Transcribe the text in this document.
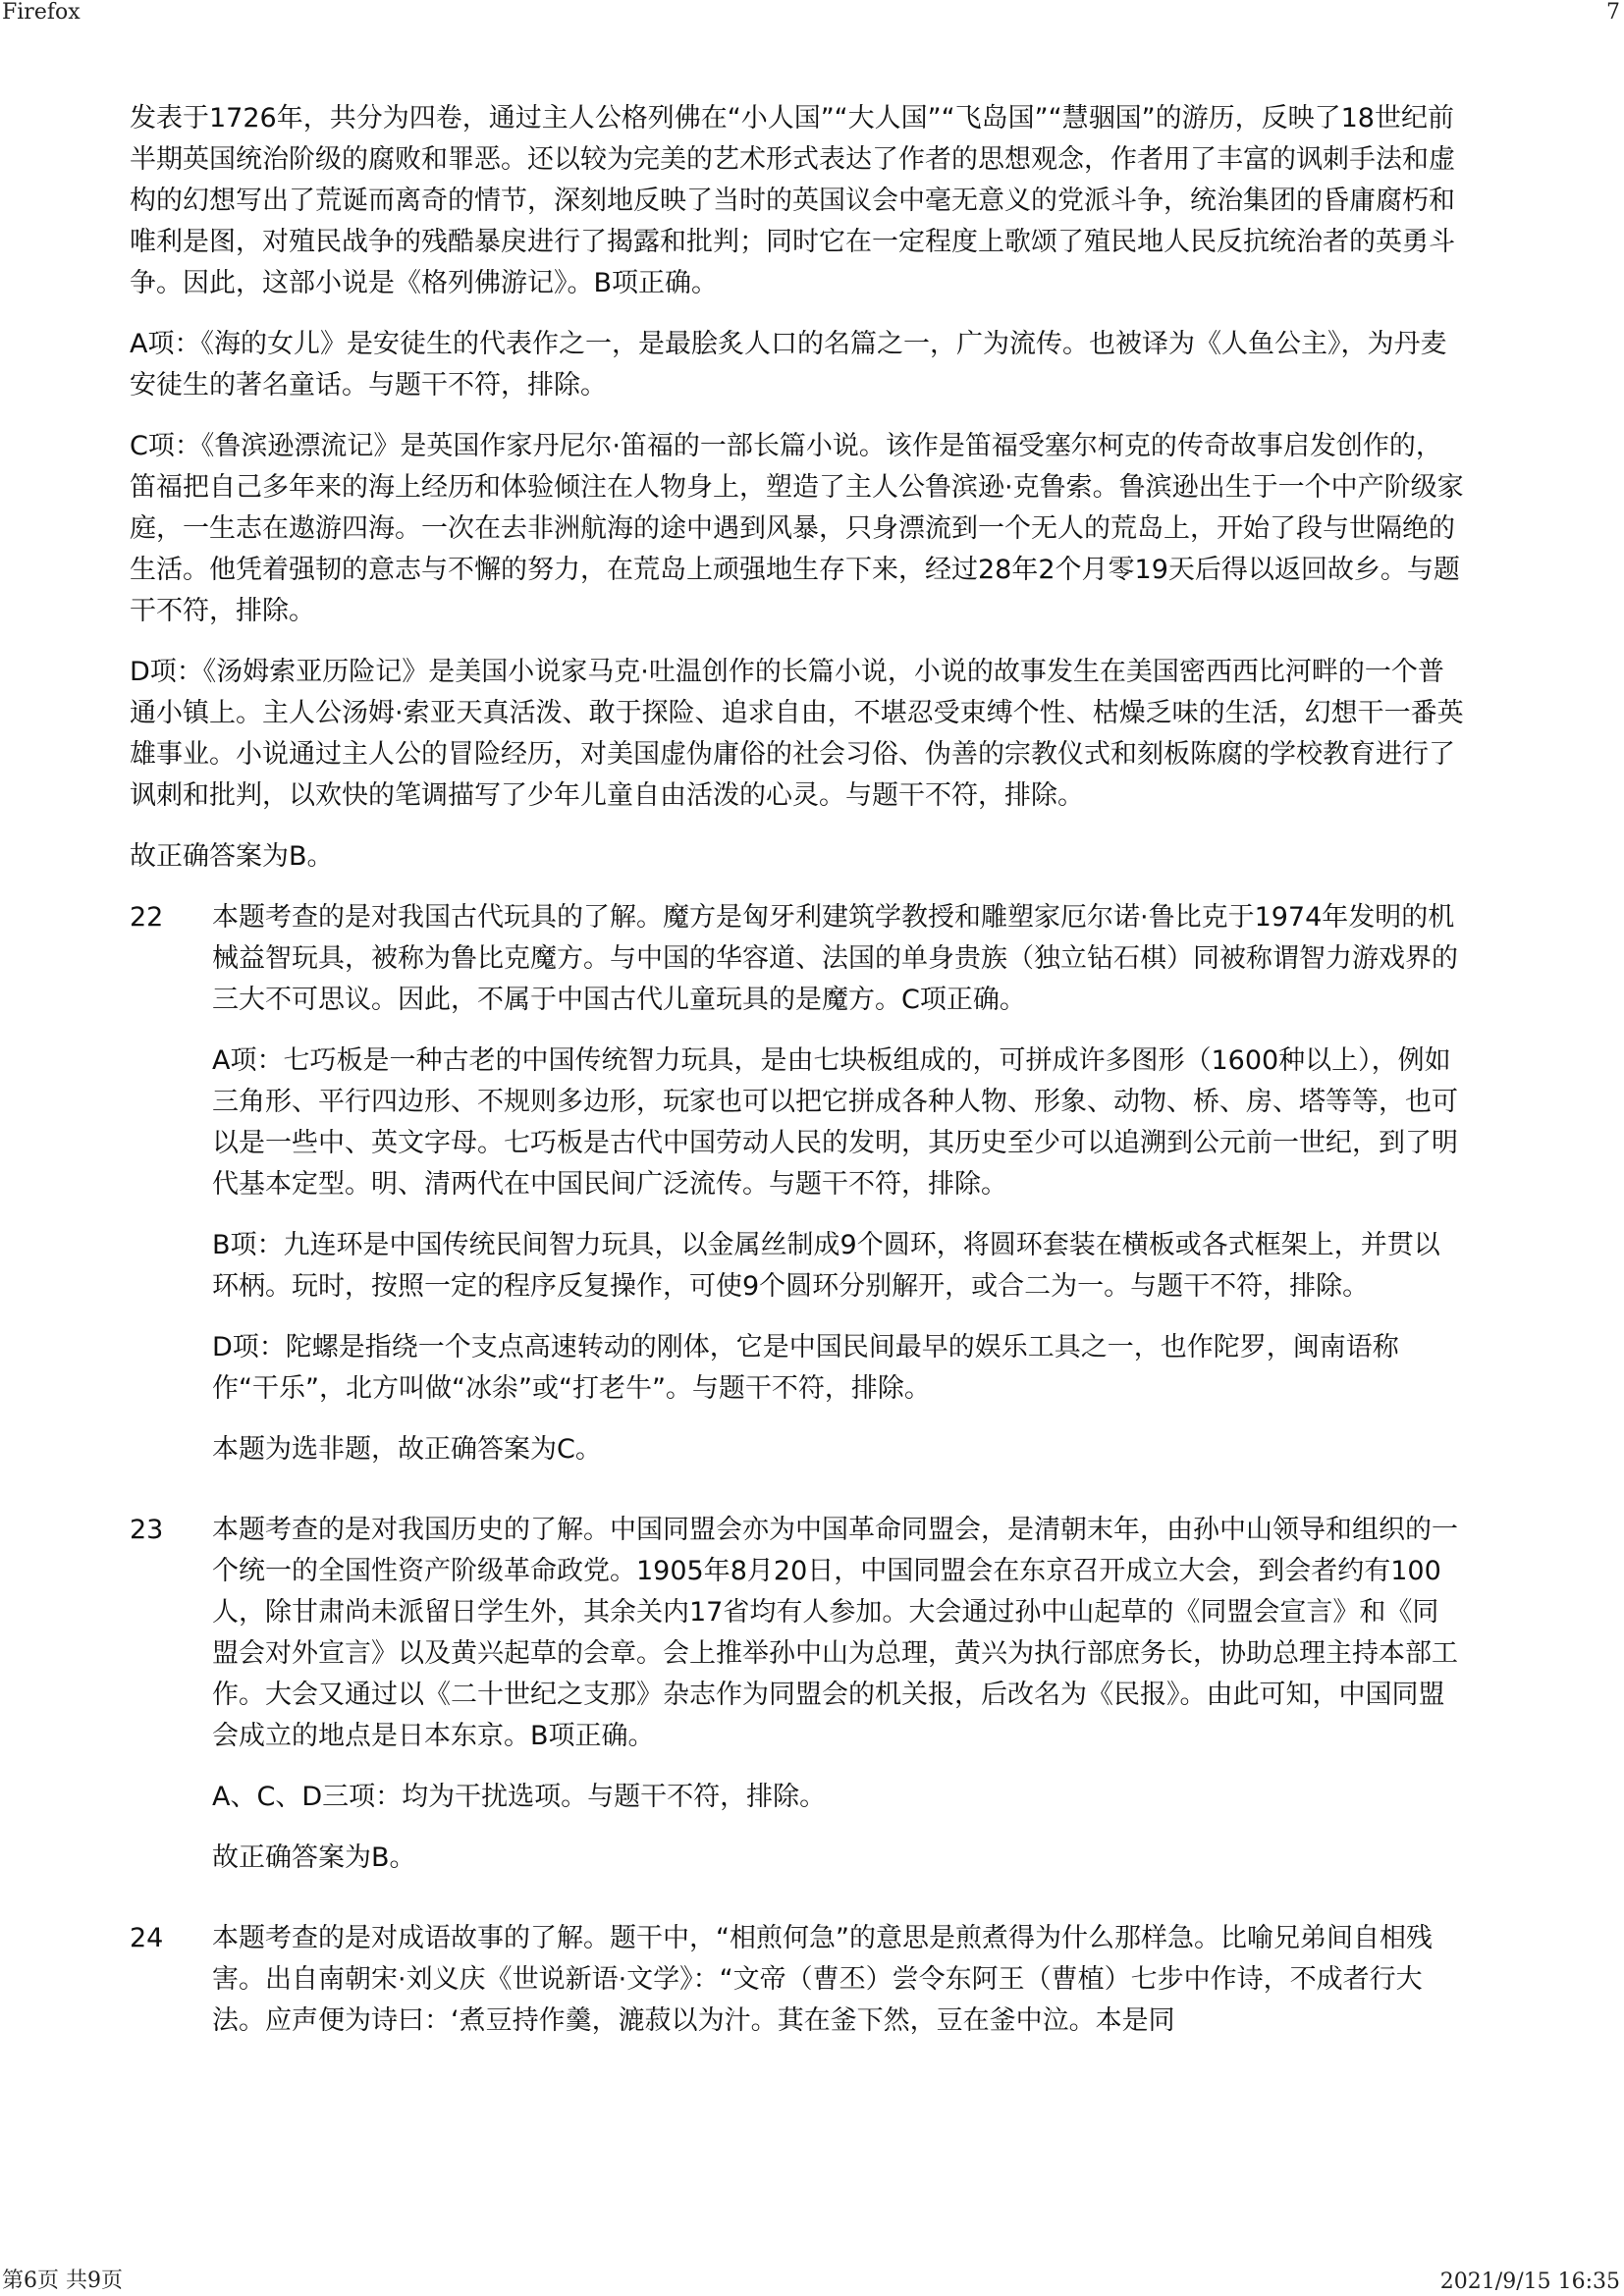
Firefox	7

发表于1726年，共分为四卷，通过主人公格列佛在“小人国”“大人国”“飞岛国”“慧骃国”的游历，反映了18世纪前半期英国统治阶级的腐败和罪恶。还以较为完美的艺术形式表达了作者的思想观念，作者用了丰富的讽刺手法和虚构的幻想写出了荒诞而离奇的情节，深刻地反映了当时的英国议会中毫无意义的党派斗争，统治集团的昏庸腐朽和唯利是图，对殖民战争的残酷暴戾进行了揭露和批判；同时它在一定程度上歌颂了殖民地人民反抗统治者的英勇斗争。因此，这部小说是《格列佛游记》。B项正确。

A项：《海的女儿》是安徒生的代表作之一，是最脍炙人口的名篇之一，广为流传。也被译为《人鱼公主》，为丹麦安徒生的著名童话。与题干不符，排除。

C项：《鲁滨逊漂流记》是英国作家丹尼尔·笛福的一部长篇小说。该作是笛福受塞尔柯克的传奇故事启发创作的，笛福把自己多年来的海上经历和体验倾注在人物身上，塑造了主人公鲁滨逊·克鲁索。鲁滨逊出生于一个中产阶级家庭，一生志在遨游四海。一次在去非洲航海的途中遇到风暴，只身漂流到一个无人的荒岛上，开始了段与世隔绝的生活。他凭着强韧的意志与不懈的努力，在荒岛上顽强地生存下来，经过28年2个月零19天后得以返回故乡。与题干不符，排除。

D项：《汤姆索亚历险记》是美国小说家马克·吐温创作的长篇小说，小说的故事发生在美国密西西比河畔的一个普通小镇上。主人公汤姆·索亚天真活泼、敢于探险、追求自由，不堪忍受束缚个性、枯燥乏味的生活，幻想干一番英雄事业。小说通过主人公的冒险经历，对美国虚伪庸俗的社会习俗、伪善的宗教仪式和刻板陈腐的学校教育进行了讽刺和批判，以欢快的笔调描写了少年儿童自由活泼的心灵。与题干不符，排除。

故正确答案为B。

22	本题考查的是对我国古代玩具的了解。魔方是匈牙利建筑学教授和雕塑家厄尔诺·鲁比克于1974年发明的机械益智玩具，被称为鲁比克魔方。与中国的华容道、法国的单身贵族（独立钻石棋）同被称谓智力游戏界的三大不可思议。因此，不属于中国古代儿童玩具的是魔方。C项正确。

A项：七巧板是一种古老的中国传统智力玩具，是由七块板组成的，可拼成许多图形（1600种以上），例如三角形、平行四边形、不规则多边形，玩家也可以把它拼成各种人物、形象、动物、桥、房、塔等等，也可以是一些中、英文字母。七巧板是古代中国劳动人民的发明，其历史至少可以追溯到公元前一世纪，到了明代基本定型。明、清两代在中国民间广泛流传。与题干不符，排除。

B项：九连环是中国传统民间智力玩具，以金属丝制成9个圆环，将圆环套装在横板或各式框架上，并贯以环柄。玩时，按照一定的程序反复操作，可使9个圆环分别解开，或合二为一。与题干不符，排除。

D项：陀螺是指绕一个支点高速转动的刚体，它是中国民间最早的娱乐工具之一，也作陀罗，闽南语称作“干乐”，北方叫做“冰尜”或“打老牛”。与题干不符，排除。

本题为选非题，故正确答案为C。

23	本题考查的是对我国历史的了解。中国同盟会亦为中国革命同盟会，是清朝末年，由孙中山领导和组织的一个统一的全国性资产阶级革命政党。1905年8月20日，中国同盟会在东京召开成立大会，到会者约有100人，除甘肃尚未派留日学生外，其余关内17省均有人参加。大会通过孙中山起草的《同盟会宣言》和《同盟会对外宣言》以及黄兴起草的会章。会上推举孙中山为总理，黄兴为执行部庶务长，协助总理主持本部工作。大会又通过以《二十世纪之支那》杂志作为同盟会的机关报，后改名为《民报》。由此可知，中国同盟会成立的地点是日本东京。B项正确。

A、C、D三项：均为干扰选项。与题干不符，排除。

故正确答案为B。

24	本题考查的是对成语故事的了解。题干中，“相煎何急”的意思是煎煮得为什么那样急。比喻兄弟间自相残害。出自南朝宋·刘义庆《世说新语·文学》：“文帝（曹丕）尝令东阿王（曹植）七步中作诗，不成者行大法。应声便为诗曰：‘煮豆持作羹，漉菽以为汁。萁在釜下然，豆在釜中泣。本是同

第6页 共9页	2021/9/15 16:35
